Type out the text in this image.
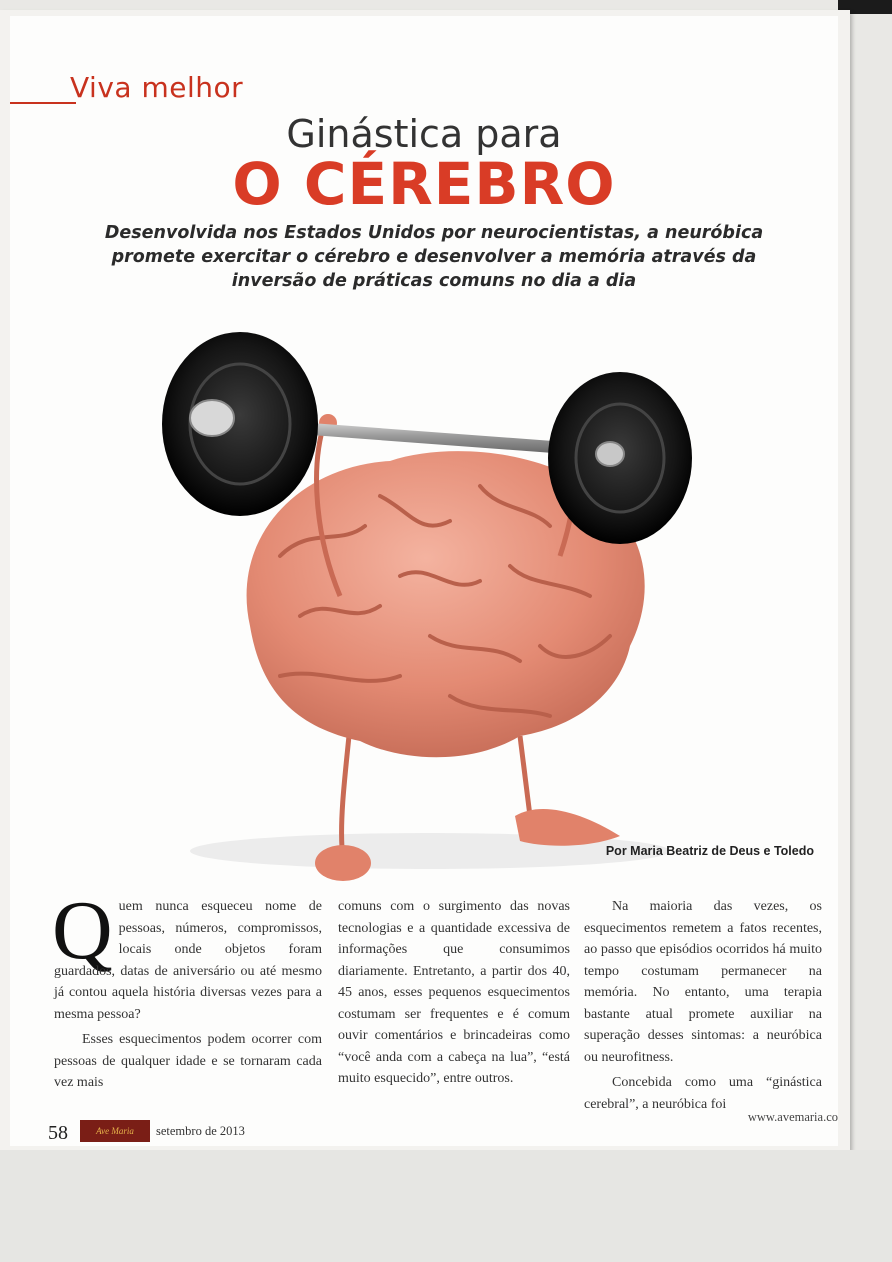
Viva melhor
Ginástica para
O CÉREBRO
Desenvolvida nos Estados Unidos por neurocientistas, a neuróbica promete exercitar o cérebro e desenvolver a memória através da inversão de práticas comuns no dia a dia
Por Maria Beatriz de Deus e Toledo

Quem nunca esqueceu nome de pessoas, números, compromissos, locais onde objetos foram guardados, datas de aniversário ou até mesmo já contou aquela história diversas vezes para a mesma pessoa?

Esses esquecimentos podem ocorrer com pessoas de qualquer idade e se tornaram cada vez mais

comuns com o surgimento das novas tecnologias e a quantidade excessiva de informações que consumimos diariamente. Entretanto, a partir dos 40, 45 anos, esses pequenos esquecimentos costumam ser frequentes e é comum ouvir comentários e brincadeiras como “você anda com a cabeça na lua”, “está muito esquecido”, entre outros.

Na maioria das vezes, os esquecimentos remetem a fatos recentes, ao passo que episódios ocorridos há muito tempo costumam permanecer na memória. No entanto, uma terapia bastante atual promete auxiliar na superação desses sintomas: a neuróbica ou neurofitness.

Concebida como uma “ginástica cerebral”, a neuróbica foi

58	Ave Maria	setembro de 2013
www.avemaria.co
